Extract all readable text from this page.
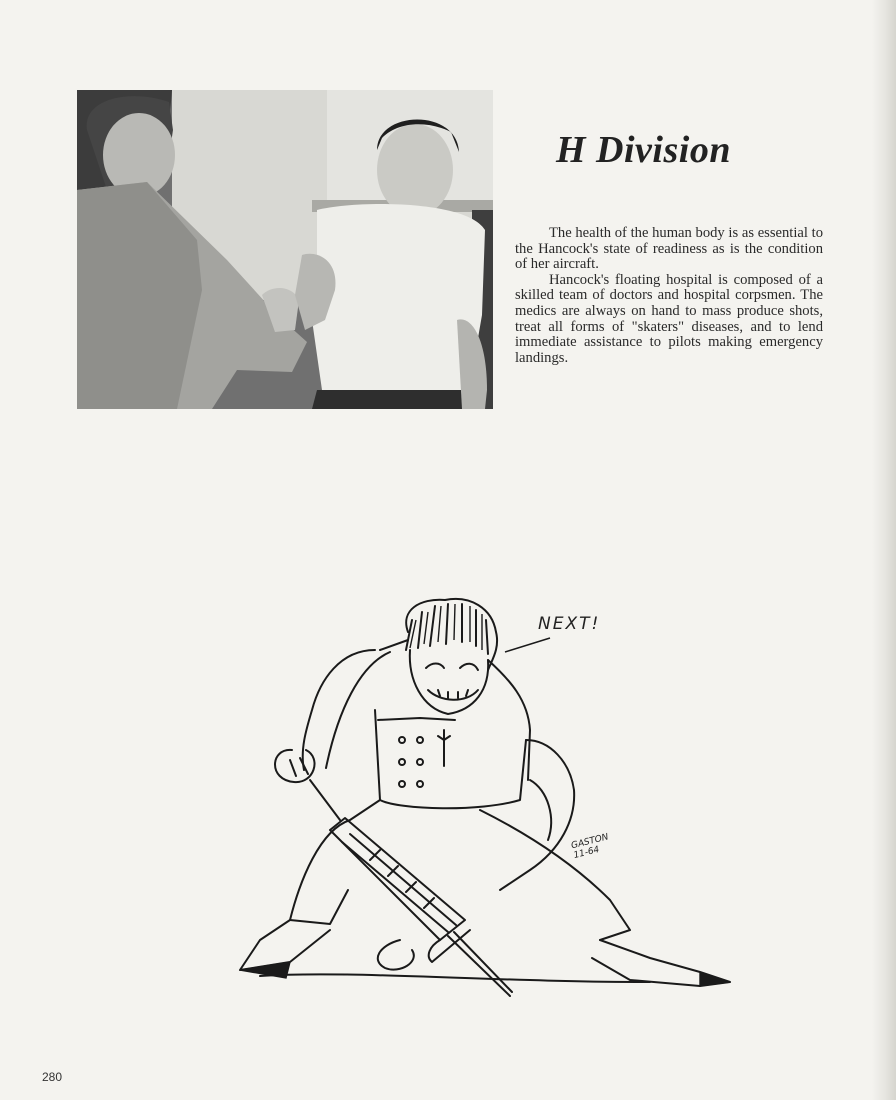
H Division

The health of the human body is as essential to the Hancock's state of readiness as is the condition of her aircraft.

Hancock's floating hospital is composed of a skilled team of doctors and hospital corpsmen. The medics are always on hand to mass produce shots, treat all forms of "skaters" diseases, and to lend immediate assistance to pilots making emergency landings.

NEXT!
GASTON 11-64
280
